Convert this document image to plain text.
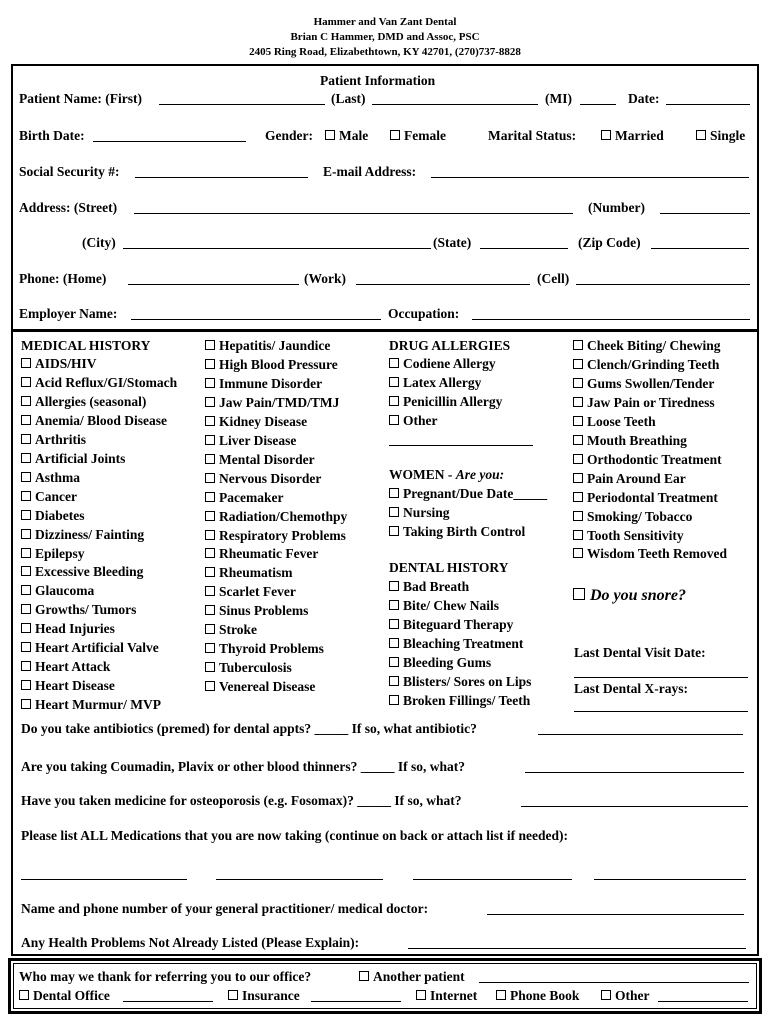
Hammer and Van Zant Dental
Brian C Hammer, DMD and Assoc, PSC
2405 Ring Road, Elizabethtown, KY 42701, (270)737-8828
Patient Information
Patient Name: (First)	(Last)	(MI)	Date:
Birth Date:	Gender:	Male	Female	Marital Status:	Married	Single
Social Security #:	E-mail Address:
Address: (Street)	(Number)
(City)	(State)	(Zip Code)
Phone: (Home)	(Work)	(Cell)
Employer Name:	Occupation:
MEDICAL HISTORY
AIDS/HIV
Acid Reflux/GI/Stomach
Allergies (seasonal)
Anemia/ Blood Disease
Arthritis
Artificial Joints
Asthma
Cancer
Diabetes
Dizziness/ Fainting
Epilepsy
Excessive Bleeding
Glaucoma
Growths/ Tumors
Head Injuries
Heart Artificial Valve
Heart Attack
Heart Disease
Heart Murmur/ MVP
Hepatitis/ Jaundice
High Blood Pressure
Immune Disorder
Jaw Pain/TMD/TMJ
Kidney Disease
Liver Disease
Mental Disorder
Nervous Disorder
Pacemaker
Radiation/Chemothpy
Respiratory Problems
Rheumatic Fever
Rheumatism
Scarlet Fever
Sinus Problems
Stroke
Thyroid Problems
Tuberculosis
Venereal Disease
DRUG ALLERGIES
Codiene Allergy
Latex Allergy
Penicillin Allergy
Other
WOMEN - Are you:
Pregnant/Due Date_____
Nursing
Taking Birth Control
DENTAL HISTORY
Bad Breath
Bite/ Chew Nails
Biteguard Therapy
Bleaching Treatment
Bleeding Gums
Blisters/ Sores on Lips
Broken Fillings/ Teeth
Cheek Biting/ Chewing
Clench/Grinding Teeth
Gums Swollen/Tender
Jaw Pain or Tiredness
Loose Teeth
Mouth Breathing
Orthodontic Treatment
Pain Around Ear
Periodontal Treatment
Smoking/ Tobacco
Tooth Sensitivity
Wisdom Teeth Removed
Do you snore?
Last Dental Visit Date:
Last Dental X-rays:
Do you take antibiotics (premed) for dental appts? _____ If so, what antibiotic?
Are you taking Coumadin, Plavix or other blood thinners? _____ If so, what?
Have you taken medicine for osteoporosis (e.g. Fosomax)? _____ If so, what?
Please list ALL Medications that you are now taking (continue on back or attach list if needed):
Name and phone number of your general practitioner/ medical doctor:
Any Health Problems Not Already Listed (Please Explain):
Who may we thank for referring you to our office?	Another patient
Dental Office	Insurance	Internet	Phone Book	Other
